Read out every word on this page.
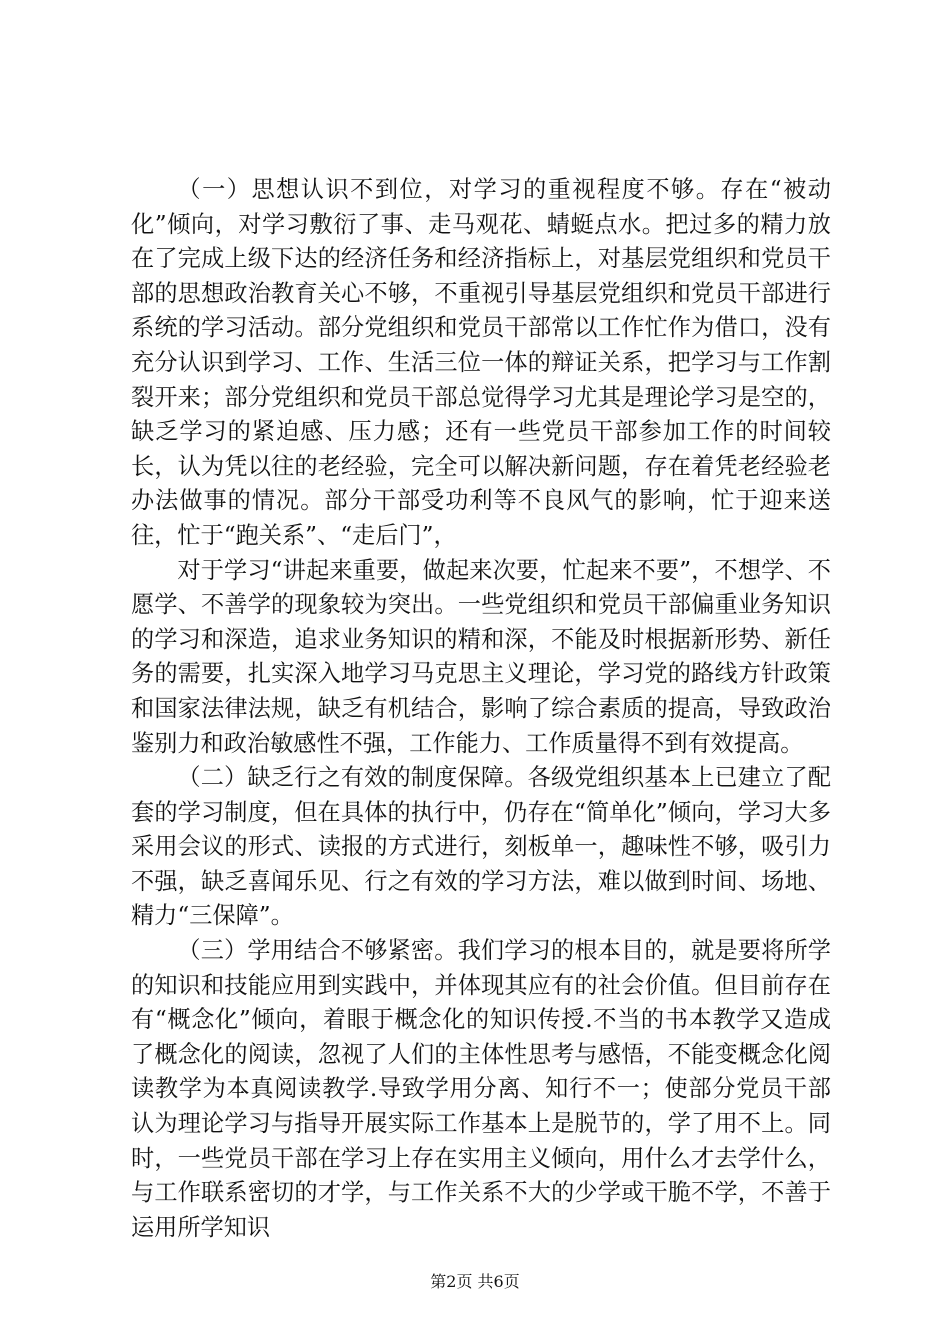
（一）思想认识不到位，对学习的重视程度不够。存在“被动化”倾向，对学习敷衍了事、走马观花、蜻蜓点水。把过多的精力放在了完成上级下达的经济任务和经济指标上，对基层党组织和党员干部的思想政治教育关心不够，不重视引导基层党组织和党员干部进行系统的学习活动。部分党组织和党员干部常以工作忙作为借口，没有充分认识到学习、工作、生活三位一体的辩证关系，把学习与工作割裂开来；部分党组织和党员干部总觉得学习尤其是理论学习是空的，缺乏学习的紧迫感、压力感；还有一些党员干部参加工作的时间较长，认为凭以往的老经验，完全可以解决新问题，存在着凭老经验老办法做事的情况。部分干部受功利等不良风气的影响，忙于迎来送往，忙于“跑关系”、“走后门”，

对于学习“讲起来重要，做起来次要，忙起来不要”，不想学、不愿学、不善学的现象较为突出。一些党组织和党员干部偏重业务知识的学习和深造，追求业务知识的精和深，不能及时根据新形势、新任务的需要，扎实深入地学习马克思主义理论，学习党的路线方针政策和国家法律法规，缺乏有机结合，影响了综合素质的提高，导致政治鉴别力和政治敏感性不强，工作能力、工作质量得不到有效提高。

（二）缺乏行之有效的制度保障。各级党组织基本上已建立了配套的学习制度，但在具体的执行中，仍存在“简单化”倾向，学习大多采用会议的形式、读报的方式进行，刻板单一，趣味性不够，吸引力不强，缺乏喜闻乐见、行之有效的学习方法，难以做到时间、场地、精力“三保障”。

（三）学用结合不够紧密。我们学习的根本目的，就是要将所学的知识和技能应用到实践中，并体现其应有的社会价值。但目前存在有“概念化”倾向，着眼于概念化的知识传授.不当的书本教学又造成了概念化的阅读，忽视了人们的主体性思考与感悟，不能变概念化阅读教学为本真阅读教学.导致学用分离、知行不一；使部分党员干部认为理论学习与指导开展实际工作基本上是脱节的，学了用不上。同时，一些党员干部在学习上存在实用主义倾向，用什么才去学什么，与工作联系密切的才学，与工作关系不大的少学或干脆不学，不善于运用所学知识

第2页 共6页
